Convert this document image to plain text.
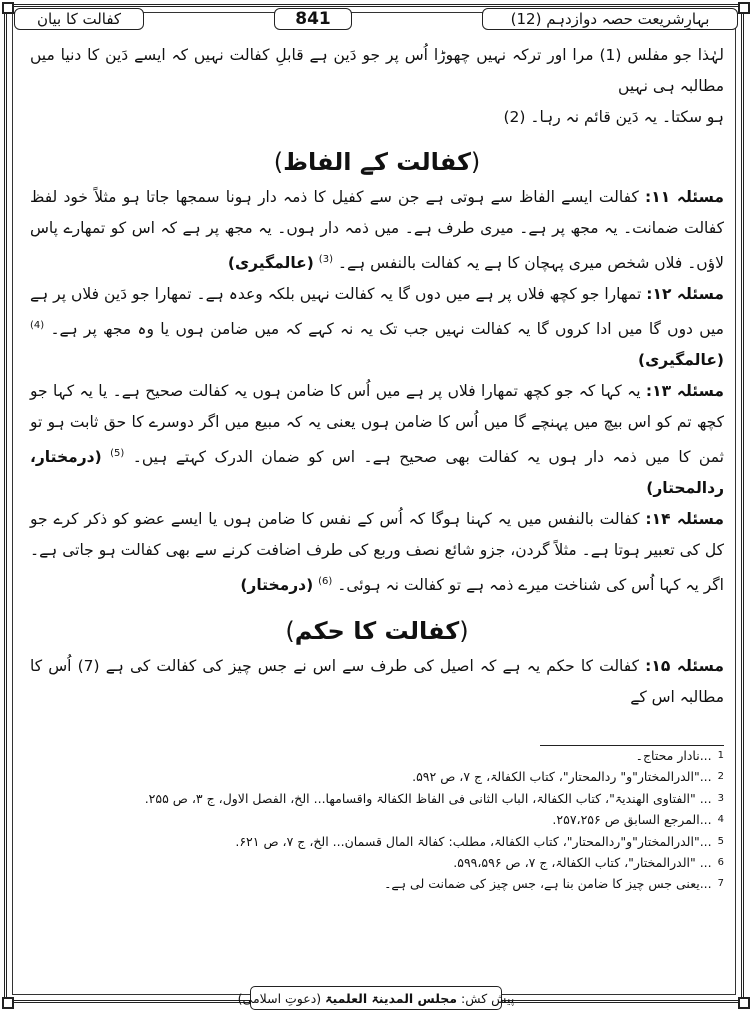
کفالت کا بیان	841	بہارِشریعت حصہ دوازدہم (12)

لہٰذا جو مفلس (1) مرا اور ترکہ نہیں چھوڑا اُس پر جو دَین ہے قابلِ کفالت نہیں کہ ایسے دَین کا دنیا میں مطالبہ ہی نہیں

ہو سکتا۔ یہ دَین قائم نہ رہا۔ (2)

(کفالت کے الفاظ)

مسئلہ ۱۱: کفالت ایسے الفاظ سے ہوتی ہے جن سے کفیل کا ذمہ دار ہونا سمجھا جاتا ہو مثلاً خود لفظ کفالت ضمانت۔ یہ مجھ پر ہے۔ میری طرف ہے۔ میں ذمہ دار ہوں۔ یہ مجھ پر ہے کہ اس کو تمھارے پاس لاؤں۔ فلاں شخص میری پہچان کا ہے یہ کفالت بالنفس ہے۔ $^{(3)}$ (عالمگیری)

مسئلہ ۱۲: تمھارا جو کچھ فلاں پر ہے میں دوں گا یہ کفالت نہیں بلکہ وعدہ ہے۔ تمھارا جو دَین فلاں پر ہے میں دوں گا میں ادا کروں گا یہ کفالت نہیں جب تک یہ نہ کہے کہ میں ضامن ہوں یا وہ مجھ پر ہے۔ $^{(4)}$ (عالمگیری)

مسئلہ ۱۳: یہ کہا کہ جو کچھ تمھارا فلاں پر ہے میں اُس کا ضامن ہوں یہ کفالت صحیح ہے۔ یا یہ کہا جو کچھ تم کو اس بیچ میں پہنچے گا میں اُس کا ضامن ہوں یعنی یہ کہ مبیع میں اگر دوسرے کا حق ثابت ہو تو ثمن کا میں ذمہ دار ہوں یہ کفالت بھی صحیح ہے۔ اس کو ضمان الدرک کہتے ہیں۔ $^{(5)}$ (درمختار، ردالمحتار)

مسئلہ ۱۴: کفالت بالنفس میں یہ کہنا ہوگا کہ اُس کے نفس کا ضامن ہوں یا ایسے عضو کو ذکر کرے جو کل کی تعبیر ہوتا ہے۔ مثلاً گردن، جزو شائع نصف وربع کی طرف اضافت کرنے سے بھی کفالت ہو جاتی ہے۔ اگر یہ کہا اُس کی شناخت میرے ذمہ ہے تو کفالت نہ ہوئی۔ $^{(6)}$ (درمختار)

(کفالت کا حکم)

مسئلہ ۱۵: کفالت کا حکم یہ ہے کہ اصیل کی طرف سے اس نے جس چیز کی کفالت کی ہے (7) اُس کا مطالبہ اس کے

1
...نادار محتاج۔
2
..."الدرالمختار"و" ردالمحتار"، کتاب الکفالۃ، ج ۷، ص ۵۹۲.
3
... "الفتاوی الھندیۃ"، کتاب الکفالۃ، الباب الثانی فی الفاظ الکفالۃ واقسامھا... الخ، الفصل الاول، ج ۳، ص ۲۵۵.
4
...المرجع السابق ص ۲۵۷،۲۵۶.
5
..."الدرالمختار"و"ردالمحتار"، کتاب الکفالۃ، مطلب: کفالۃ المال قسمان... الخ، ج ۷، ص ۶۲۱.
6
... "الدرالمختار"، کتاب الکفالۃ، ج ۷، ص ۵۹۹،۵۹۶.
7
...یعنی جس چیز کا ضامن بنا ہے، جس چیز کی ضمانت لی ہے۔
پیش کش:
مجلس المدینۃ العلمیۃ
(دعوتِ اسلامی)
